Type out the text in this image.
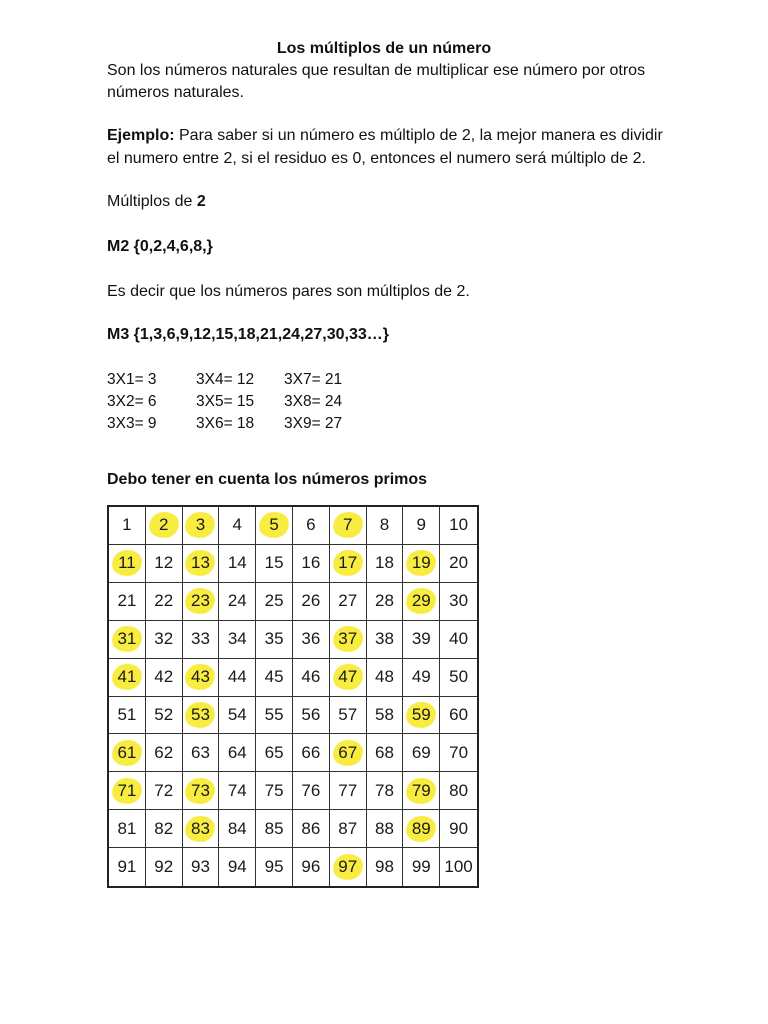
Los múltiplos de un número
Son los números naturales que resultan de multiplicar ese número por otros
números naturales.
Ejemplo: Para saber si un número es múltiplo de 2, la mejor manera es dividir
el numero entre 2, si el residuo es 0, entonces el numero será múltiplo de 2.
Múltiplos de 2
M2 {0,2,4,6,8,}
Es decir que los números pares son múltiplos de 2.
M3 {1,3,6,9,12,15,18,21,24,27,30,33…}
3X1= 3	3X4= 12 3X7= 21
3X2= 6	3X5= 15 3X8= 24
3X3= 9	3X6= 18 3X9= 27
Debo tener en cuenta los números primos
1 2 3 4 5 6 7 8 9 10
11 12 13 14 15 16 17 18 19 20
21 22 23 24 25 26 27 28 29 30
31 32 33 34 35 36 37 38 39 40
41 42 43 44 45 46 47 48 49 50
51 52 53 54 55 56 57 58 59 60
61 62 63 64 65 66 67 68 69 70
71 72 73 74 75 76 77 78 79 80
81 82 83 84 85 86 87 88 89 90
91 92 93 94 95 96 97 98 99 100
